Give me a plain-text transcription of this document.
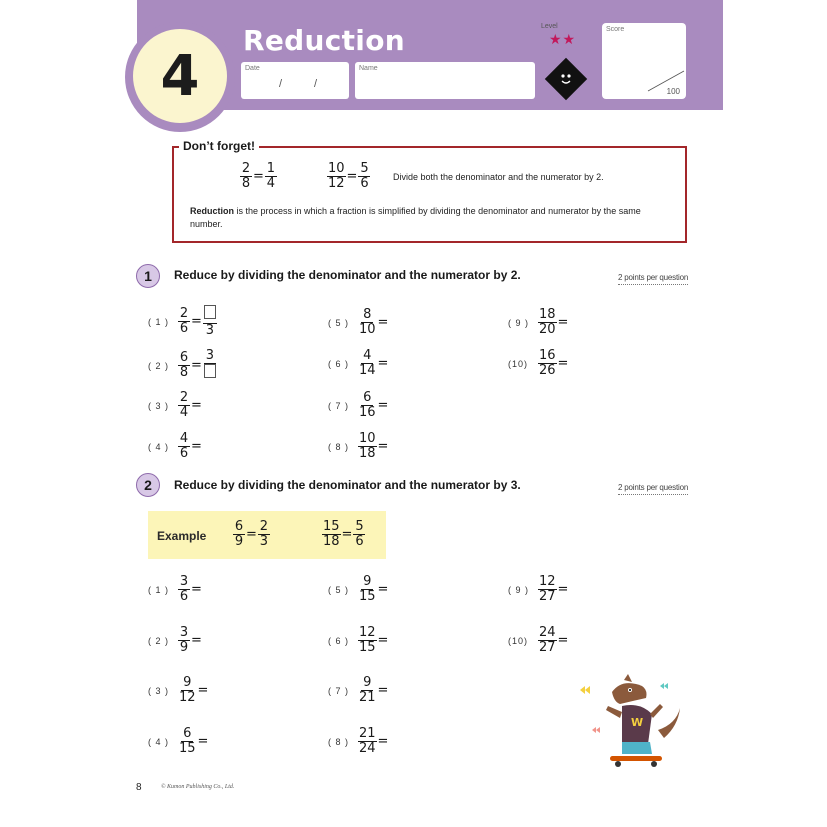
4
Reduction
Date
/	/
Name
Level
★★
Score
100
Don’t forget!
$\frac{2}{8} = \frac{1}{4}$	$\frac{10}{12} = \frac{5}{6}$	Divide both the denominator and the numerator by 2.
Reduction is the process in which a fraction is simplified by dividing the denominator and numerator by the same number.
1	Reduce by dividing the denominator and the numerator by 2.	2 points per question
( 1 ) $\frac{2}{6}$ =
3
( 2 ) $\frac{6}{8}$ =
3
( 3 ) $\frac{2}{4}$ =
( 4 ) $\frac{4}{6}$ =
( 5 ) $\frac{8}{10}$ =
( 6 ) $\frac{4}{14}$ =
( 7 ) $\frac{6}{16}$ =
( 8 ) $\frac{10}{18}$ =
( 9 ) $\frac{18}{20}$ =
$(10) \frac{16}{26}$ =
2	Reduce by dividing the denominator and the numerator by 3.	2 points per question
Example $\frac{6}{9} = \frac{2}{3}$	$\frac{15}{18} = \frac{5}{6}$
( 1 ) $\frac{3}{6}$ =
( 2 ) $\frac{3}{9}$ =
( 3 ) $\frac{9}{12}$ =
( 4 ) $\frac{6}{15}$ =
( 5 ) $\frac{9}{15}$ =
( 6 ) $\frac{12}{15}$ =
( 7 ) $\frac{9}{21}$ =
( 8 ) $\frac{21}{24}$ =
( 9 ) $\frac{12}{27}$ =
$(10) \frac{24}{27}$ =
W
8	© Kumon Publishing Co., Ltd.
